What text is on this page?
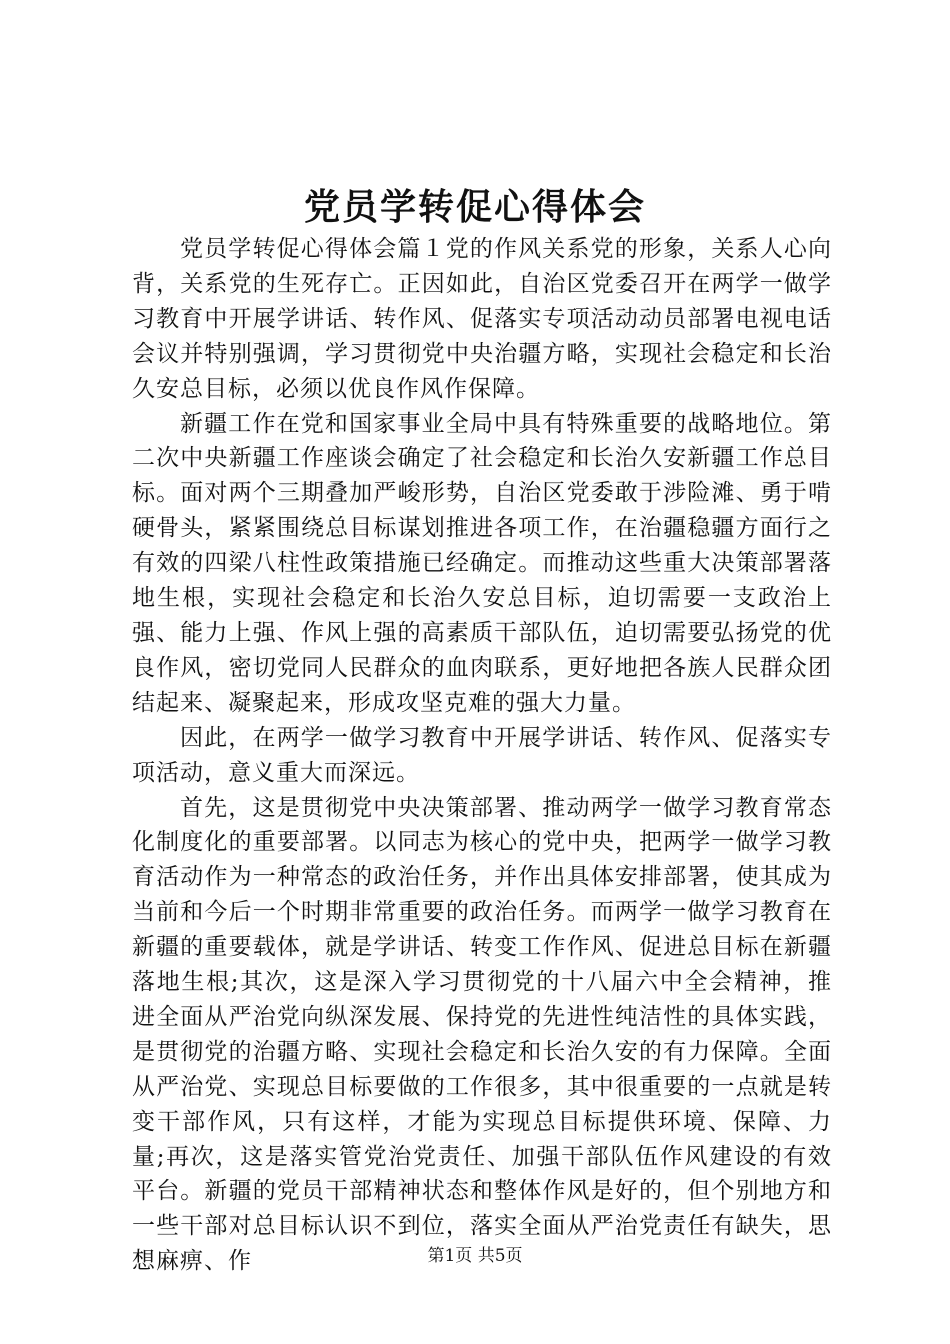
党员学转促心得体会

党员学转促心得体会篇１党的作风关系党的形象，关系人心向背，关系党的生死存亡。正因如此，自治区党委召开在两学一做学习教育中开展学讲话、转作风、促落实专项活动动员部署电视电话会议并特别强调，学习贯彻党中央治疆方略，实现社会稳定和长治久安总目标，必须以优良作风作保障。

新疆工作在党和国家事业全局中具有特殊重要的战略地位。第二次中央新疆工作座谈会确定了社会稳定和长治久安新疆工作总目标。面对两个三期叠加严峻形势，自治区党委敢于涉险滩、勇于啃硬骨头，紧紧围绕总目标谋划推进各项工作，在治疆稳疆方面行之有效的四梁八柱性政策措施已经确定。而推动这些重大决策部署落地生根，实现社会稳定和长治久安总目标，迫切需要一支政治上强、能力上强、作风上强的高素质干部队伍，迫切需要弘扬党的优良作风，密切党同人民群众的血肉联系，更好地把各族人民群众团结起来、凝聚起来，形成攻坚克难的强大力量。

因此，在两学一做学习教育中开展学讲话、转作风、促落实专项活动，意义重大而深远。

首先，这是贯彻党中央决策部署、推动两学一做学习教育常态化制度化的重要部署。以同志为核心的党中央，把两学一做学习教育活动作为一种常态的政治任务，并作出具体安排部署，使其成为当前和今后一个时期非常重要的政治任务。而两学一做学习教育在新疆的重要载体，就是学讲话、转变工作作风、促进总目标在新疆落地生根;其次，这是深入学习贯彻党的十八届六中全会精神，推进全面从严治党向纵深发展、保持党的先进性纯洁性的具体实践，是贯彻党的治疆方略、实现社会稳定和长治久安的有力保障。全面从严治党、实现总目标要做的工作很多，其中很重要的一点就是转变干部作风，只有这样，才能为实现总目标提供环境、保障、力量;再次，这是落实管党治党责任、加强干部队伍作风建设的有效平台。新疆的党员干部精神状态和整体作风是好的，但个别地方和一些干部对总目标认识不到位，落实全面从严治党责任有缺失，思想麻痹、作	第1页 共5页
